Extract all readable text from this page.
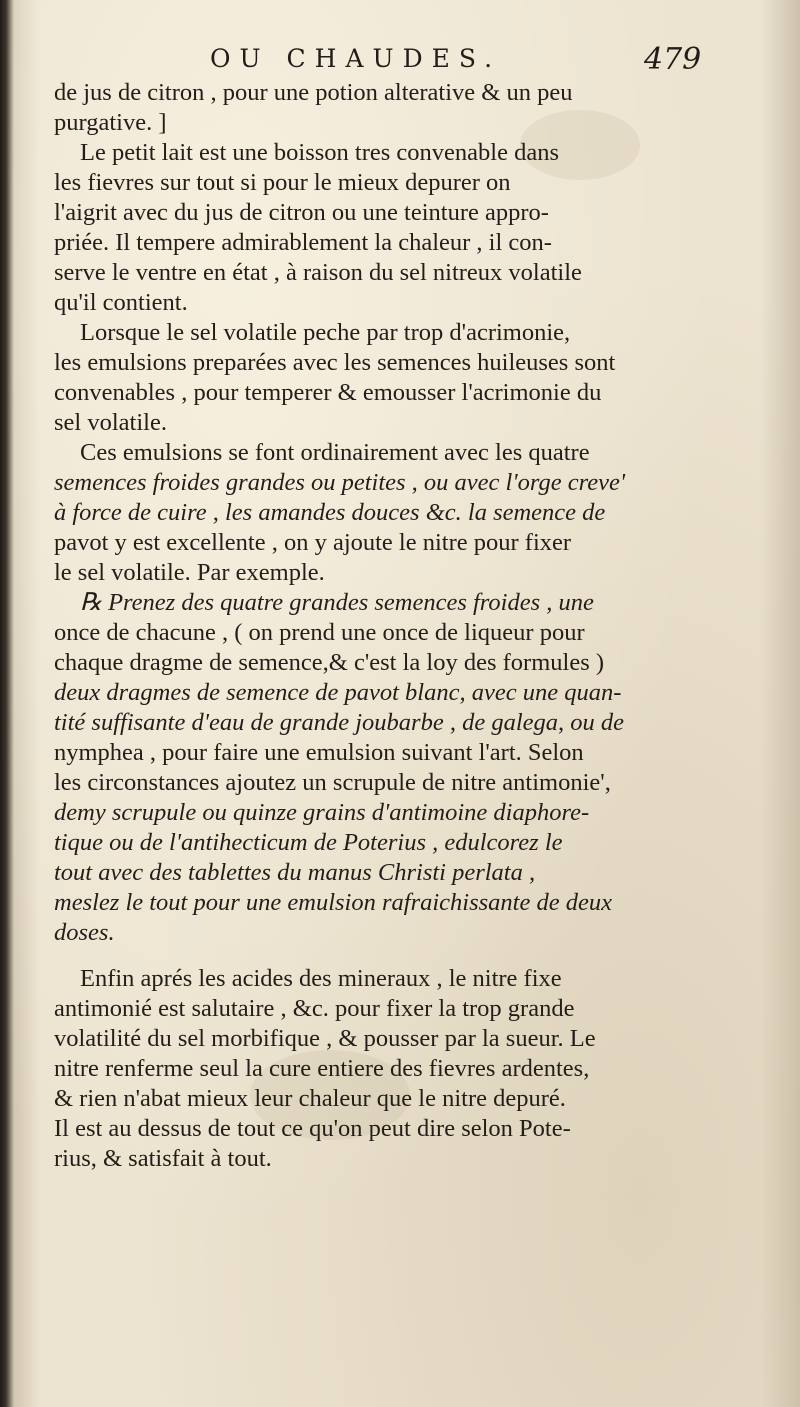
OU CHAUDES.	479
de jus de citron , pour une potion alterative & un peu
purgative. ]
Le petit lait est une boisson tres convenable dans
les fievres sur tout si pour le mieux depurer on
l'aigrit avec du jus de citron ou une teinture appro-
priée. Il tempere admirablement la chaleur , il con-
serve le ventre en état , à raison du sel nitreux volatile
qu'il contient.
Lorsque le sel volatile peche par trop d'acrimonie,
les emulsions preparées avec les semences huileuses sont
convenables , pour temperer & emousser l'acrimonie du
sel volatile.
Ces emulsions se font ordinairement avec les quatre
semences froides grandes ou petites , ou avec l'orge creve'
à force de cuire , les amandes douces &c. la semence de
pavot y est excellente , on y ajoute le nitre pour fixer
le sel volatile. Par exemple.
℞ Prenez des quatre grandes semences froides , une
once de chacune , ( on prend une once de liqueur pour
chaque dragme de semence,& c'est la loy des formules )
deux dragmes de semence de pavot blanc, avec une quan-
tité suffisante d'eau de grande joubarbe , de galega, ou de
nymphea , pour faire une emulsion suivant l'art. Selon
les circonstances ajoutez un scrupule de nitre antimonie',
demy scrupule ou quinze grains d'antimoine diaphore-
tique ou de l'antihecticum de Poterius , edulcorez le
tout avec des tablettes du manus Christi perlata ,
meslez le tout pour une emulsion rafraichissante de deux
doses.
Enfin aprés les acides des mineraux , le nitre fixe
antimonié est salutaire , &c. pour fixer la trop grande
volatilité du sel morbifique , & pousser par la sueur. Le
nitre renferme seul la cure entiere des fievres ardentes,
& rien n'abat mieux leur chaleur que le nitre depuré.
Il est au dessus de tout ce qu'on peut dire selon Pote-
rius, & satisfait à tout.
